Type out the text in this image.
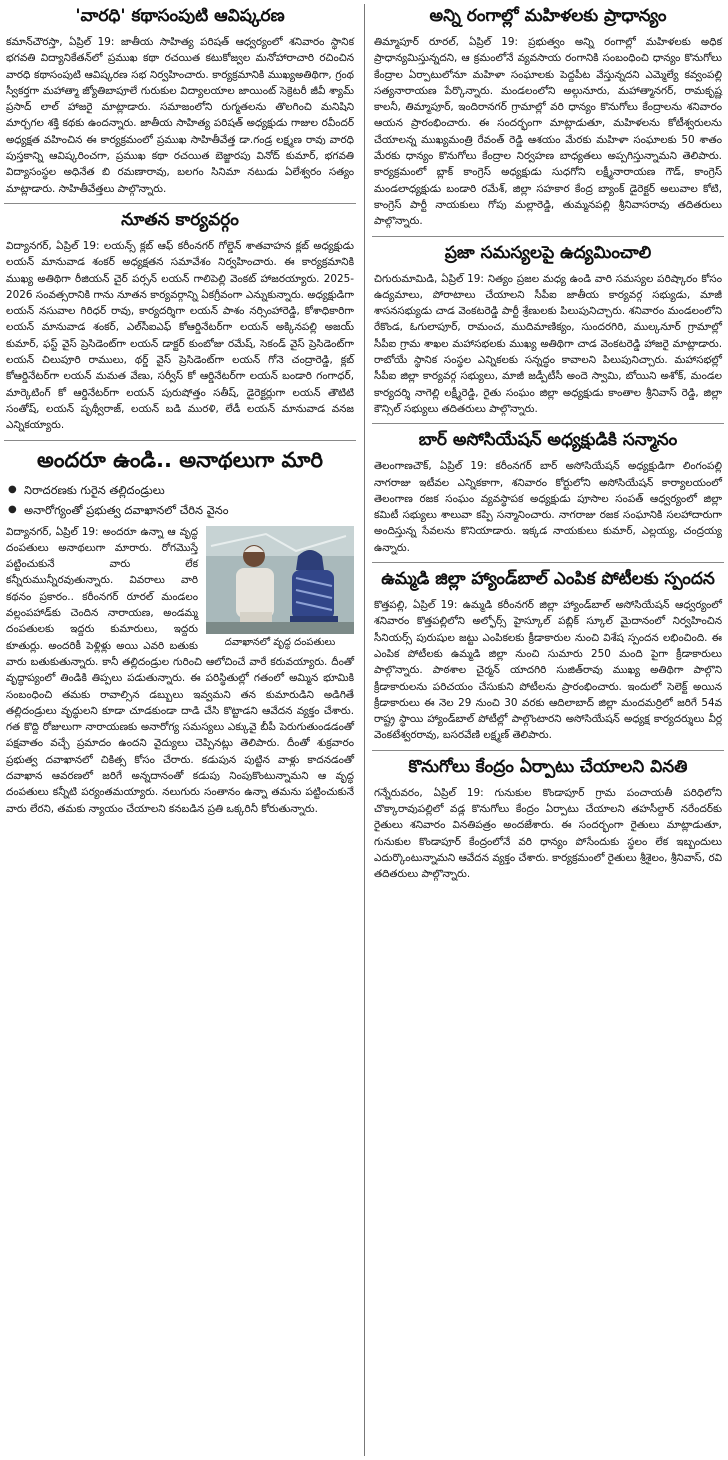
'వారధి' కథాసంపుటి ఆవిష్కరణ

కమాన్‌చౌరస్తా, ఏప్రిల్ 19: జాతీయ సాహిత్య పరిషత్ ఆధ్వర్యంలో శనివారం స్థానిక భగవతి విద్యానికేతన్‌లో ప్రముఖ కథా రచయిత కటుకోజ్వల మనోహారాచారి రచించిన వారధి కథాసంపుటి ఆవిష్కరణ సభ నిర్వహించారు. కార్యక్రమానికి ముఖ్యఅతిథిగా, గ్రంథ స్వీకర్తగా మహాత్మా జ్యోతిబాపూలే గురుకుల విద్యాలయాల జాయింట్ సెక్రెటరీ జీవీ శ్యామ్ ప్రసాద్ లాల్ హాజరై మాట్లాడారు. సమాజంలోని రుగ్మతలను తొలగించి మనిషిని మార్చగల శక్తి కథకు ఉందన్నారు. జాతీయ సాహిత్య పరిషత్ అధ్యక్షుడు గాజుల రవీందర్ అధ్యక్షత వహించిన ఈ కార్యక్రమంలో ప్రముఖ సాహితీవేత్త డా.గండ్ర లక్ష్మణ రావు వారధి పుస్తకాన్ని ఆవిష్కరించగా, ప్రముఖ కథా రచయిత బెజ్జారపు వినోద్ కుమార్, భగవతి విద్యాసంస్థల అధినేత బి రమణారావు, బలగం సినిమా నటుడు ఏలేశ్వరం సత్యం మాట్లాడారు. సాహితీవేత్తలు పాల్గొన్నారు.

నూతన కార్యవర్గం

విద్యానగర్, ఏప్రిల్ 19: లయన్స్ క్లబ్ ఆఫ్ కరీంనగర్ గోల్డెన్ శాతవాహన క్లబ్ అధ్యక్షుడు లయన్ మానువాడ శంకర్ అధ్యక్షతన సమావేశం నిర్వహించారు. ఈ కార్యక్రమానికి ముఖ్య అతిథిగా రీజియన్ చైర్ పర్సన్ లయన్ గాలిపెల్లి వెంకట్ హాజరయ్యారు. 2025-2026 సంవత్సరానికి గాను నూతన కార్యవర్గాన్ని ఏకగ్రీవంగా ఎన్నుకున్నారు. అధ్యక్షుడిగా లయన్ నసువాల గిరిధర్ రావు, కార్యదర్శిగా లయన్ పాశం నర్సింహారెడ్డి, కోశాధికారిగా లయన్ మానువాడ శంకర్, ఎల్‌సీఐఎఫ్ కోఆర్డినేటర్‌గా లయన్ అక్కినపల్లి అజయ్ కుమార్, ఫస్ట్ వైస్ ప్రెసిడెంట్‌గా లయన్ డాక్టర్ కుంబోజు రమేష్, సెకండ్ వైస్ ప్రెసిడెంట్‌గా లయన్ చిలుపూరి రాములు, థర్డ్ వైస్ ప్రెసిడెంట్‌గా లయన్ గోనె చంద్రారెడ్డి, క్లబ్ కోఆర్డినేటర్‌గా లయన్ మమత వేణు, సర్వీస్ కో ఆర్డినేటర్‌గా లయన్ బండారి గంగాధర్, మార్కెటింగ్ కో ఆర్డినేటర్‌గా లయన్ పురుషోత్తం సతీష్, డైరెక్టర్లుగా లయన్ తౌటిటి సంతోష్, లయన్ పృథ్వీరాజ్, లయన్ బడి మురళి, లేడీ లయన్ మానువాడ వనజ ఎన్నికయ్యారు.

అందరూ ఉండి.. అనాథలుగా మారి
● నిరాదరణకు గురైన తల్లిదండ్రులు
● అనారోగ్యంతో ప్రభుత్వ దవాఖానలో చేరిన వైనం
దవాఖానలో వృద్ధ దంపతులు

విద్యానగర్, ఏప్రిల్ 19: అందరూ ఉన్నా ఆ వృద్ధ దంపతులు అనాథలుగా మారారు. రోగమొస్తే పట్టించుకునే వారు లేక కన్నీరుమున్నీరవుతున్నారు. వివరాలు వారి కథనం ప్రకారం.. కరీంనగర్ రూరల్ మండలం వల్లంపహాడ్‌కు చెందిన నారాయణ, అండమ్మ దంపతులకు ఇద్దరు కుమారులు, ఇద్దరు కూతుర్లు. అందరికీ పెళ్లిళ్లు అయి ఎవరి బతుకు వారు బతుకుతున్నారు. కానీ తల్లిదండ్రుల గురించి ఆలోచించే వారే కరువయ్యారు. దీంతో వృద్ధాప్యంలో తిండికి తిప్పలు పడుతున్నారు. ఈ పరిస్థితుల్లో గతంలో అమ్మిన భూమికి సంబంధించి తమకు రావాల్సిన డబ్బులు ఇవ్వమని తన కుమారుడిని అడిగితే తల్లిదండ్రులు వృద్ధులని కూడా చూడకుండా దాడి చేసి కొట్టాడని ఆవేదన వ్యక్తం చేశారు. గత కొద్ది రోజులుగా నారాయణకు అనారోగ్య సమస్యలు ఎక్కువై బీపీ పెరుగుతుండడంతో పక్షవాతం వచ్చే ప్రమాదం ఉందని వైద్యులు చెప్పినట్లు తెలిపారు. దీంతో శుక్రవారం ప్రభుత్వ దవాఖానలో చికిత్స కోసం చేరారు. కడుపున పుట్టిన వాళ్లు కాదనడంతో దవాఖాన ఆవరణలో జరిగే అన్నదానంతో కడుపు నింపుకొంటున్నామని ఆ వృద్ధ దంపతులు కన్నీటి పర్యంతమయ్యారు. నలుగురు సంతానం ఉన్నా తమను పట్టించుకునే వారు లేరని, తమకు న్యాయం చేయాలని కనబడిన ప్రతి ఒక్కరినీ కోరుతున్నారు.

అన్ని రంగాల్లో మహిళలకు ప్రాధాన్యం

తిమ్మాపూర్ రూరల్, ఏప్రిల్ 19: ప్రభుత్వం అన్ని రంగాల్లో మహిళలకు అధిక ప్రాధాన్యమిస్తున్నదని, ఆ క్రమంలోనే వ్యవసాయ రంగానికి సంబంధించి ధాన్యం కొనుగోలు కేంద్రాల ఏర్పాటులోనూ మహిళా సంఘాలకు పెద్దపీట వేస్తున్నదని ఎమ్మెల్యే కవ్వంపల్లి సత్యనారాయణ పేర్కొన్నారు. మండలంలోని అల్గునూరు, మహాత్మానగర్, రామకృష్ణ కాలనీ, తిమ్మాపూర్, ఇందిరానగర్ గ్రామాల్లో వరి ధాన్యం కొనుగోలు కేంద్రాలను శనివారం ఆయన ప్రారంభించారు. ఈ సందర్భంగా మాట్లాడుతూ, మహిళలను కోటీశ్వరులను చేయాలన్న ముఖ్యమంత్రి రేవంత్ రెడ్డి ఆశయం మేరకు మహిళా సంఘాలకు 50 శాతం మేరకు ధాన్యం కొనుగోలు కేంద్రాల నిర్వహణ బాధ్యతలు అప్పగిస్తున్నామని తెలిపారు. కార్యక్రమంలో బ్లాక్ కాంగ్రెస్ అధ్యక్షుడు సుధగోని లక్ష్మీనారాయణ గౌడ్, కాంగ్రెస్ మండలాధ్యక్షుడు బండారి రమేశ్, జిల్లా సహకార కేంద్ర బ్యాంక్ డైరెక్టర్ అలువాల కోటి, కాంగ్రెస్ పార్టీ నాయకులు గోపు మల్లారెడ్డి, తుమ్మనపల్లి శ్రీనివాసరావు తదితరులు పాల్గొన్నారు.

ప్రజా సమస్యలపై ఉద్యమించాలి

చిగురుమామిడి, ఏప్రిల్ 19: నిత్యం ప్రజల మధ్య ఉండి వారి సమస్యల పరిష్కారం కోసం ఉద్యమాలు, పోరాటాలు చేయాలని సీపీఐ జాతీయ కార్యవర్గ సభ్యుడు, మాజీ శాసనసభ్యుడు చాడ వెంకటరెడ్డి పార్టీ శ్రేణులకు పిలుపునిచ్చారు. శనివారం మండలంలోని రేకొండ, ఓగులాపూర్, రామంచ, ముదిమాణిక్యం, సుందరగిరి, ముల్కనూర్ గ్రామాల్లో సీపీఐ గ్రామ శాఖల మహాసభలకు ముఖ్య అతిథిగా చాడ వెంకటరెడ్డి హాజరై మాట్లాడారు. రాబోయే స్థానిక సంస్థల ఎన్నికలకు సన్నద్ధం కావాలని పిలుపునిచ్చారు. మహాసభల్లో సీపీఐ జిల్లా కార్యవర్గ సభ్యులు, మాజీ జడ్పీటీసీ అందె స్వామి, బోయిని అశోక్, మండల కార్యదర్శి నాగెల్లి లక్ష్మీరెడ్డి, రైతు సంఘం జిల్లా అధ్యక్షుడు కాంతాల శ్రీనివాస్ రెడ్డి, జిల్లా కౌన్సిల్ సభ్యులు తదితరులు పాల్గొన్నారు.

బార్ అసోసియేషన్ అధ్యక్షుడికి సన్మానం

తెలంగాణచౌక్, ఏప్రిల్ 19: కరీంనగర్ బార్ అసోసియేషన్ అధ్యక్షుడిగా లింగంపల్లి నాగరాజు ఇటీవల ఎన్నికకాగా, శనివారం కోర్టులోని అసోసియేషన్ కార్యాలయంలో తెలంగాణ రజక సంఘం వ్యవస్థాపక అధ్యక్షుడు పూసాల సంపత్ ఆధ్వర్యంలో జిల్లా కమిటీ సభ్యులు శాలువా కప్పి సన్మానించారు. నాగరాజు రజక సంఘానికి సలహాదారుగా అందిస్తున్న సేవలను కొనియాడారు. ఇక్కడ నాయకులు కుమార్, ఎల్లయ్య, చంద్రయ్య ఉన్నారు.

ఉమ్మడి జిల్లా హ్యాండ్‌బాల్ ఎంపిక పోటీలకు స్పందన

కొత్తపల్లి, ఏప్రిల్ 19: ఉమ్మడి కరీంనగర్ జిల్లా హ్యాండ్‌బాల్ అసోసియేషన్ ఆధ్వర్యంలో శనివారం కొత్తపల్లిలోని అల్ఫోర్స్ హైస్కూల్ పబ్లిక్ స్కూల్ మైదానంలో నిర్వహించిన సీనియర్స్ పురుషుల జట్టు ఎంపికలకు క్రీడాకారుల నుంచి విశేష స్పందన లభించింది. ఈ ఎంపిక పోటీలకు ఉమ్మడి జిల్లా నుంచి సుమారు 250 మంది పైగా క్రీడాకారులు పాల్గొన్నారు. పాఠశాల చైర్మన్ యాదగిరి సుజిత్‌రావు ముఖ్య అతిథిగా పాల్గొని క్రీడాకారులను పరిచయం చేసుకుని పోటీలను ప్రారంభించారు. ఇందులో సెలెక్ట్ అయిన క్రీడాకారులు ఈ నెల 29 నుంచి 30 వరకు ఆదిలాబాద్ జిల్లా మందమర్రిలో జరిగే 54వ రాష్ట్ర స్థాయి హ్యాండ్‌బాల్ పోటీల్లో పాల్గొంటారని అసోసియేషన్ అధ్యక్ష కార్యదర్శులు వీర్ల వెంకటేశ్వరరావు, బసరవేణి లక్ష్మణ్ తెలిపారు.

కొనుగోలు కేంద్రం ఏర్పాటు చేయాలని వినతి

గన్నేరువరం, ఏప్రిల్ 19: గునుకుల కొండాపూర్ గ్రామ పంచాయతీ పరిధిలోని చొక్కారావుపల్లిలో వడ్ల కొనుగోలు కేంద్రం ఏర్పాటు చేయాలని తహసీల్దార్ నరేందర్‌కు రైతులు శనివారం వినతిపత్రం అందజేశారు. ఈ సందర్భంగా రైతులు మాట్లాడుతూ, గునుకుల కొండాపూర్ కేంద్రంలోనే వరి ధాన్యం పోసేందుకు స్థలం లేక ఇబ్బందులు ఎదుర్కొంటున్నామని ఆవేదన వ్యక్తం చేశారు. కార్యక్రమంలో రైతులు శ్రీశైలం, శ్రీనివాస్, రవి తదితరులు పాల్గొన్నారు.
